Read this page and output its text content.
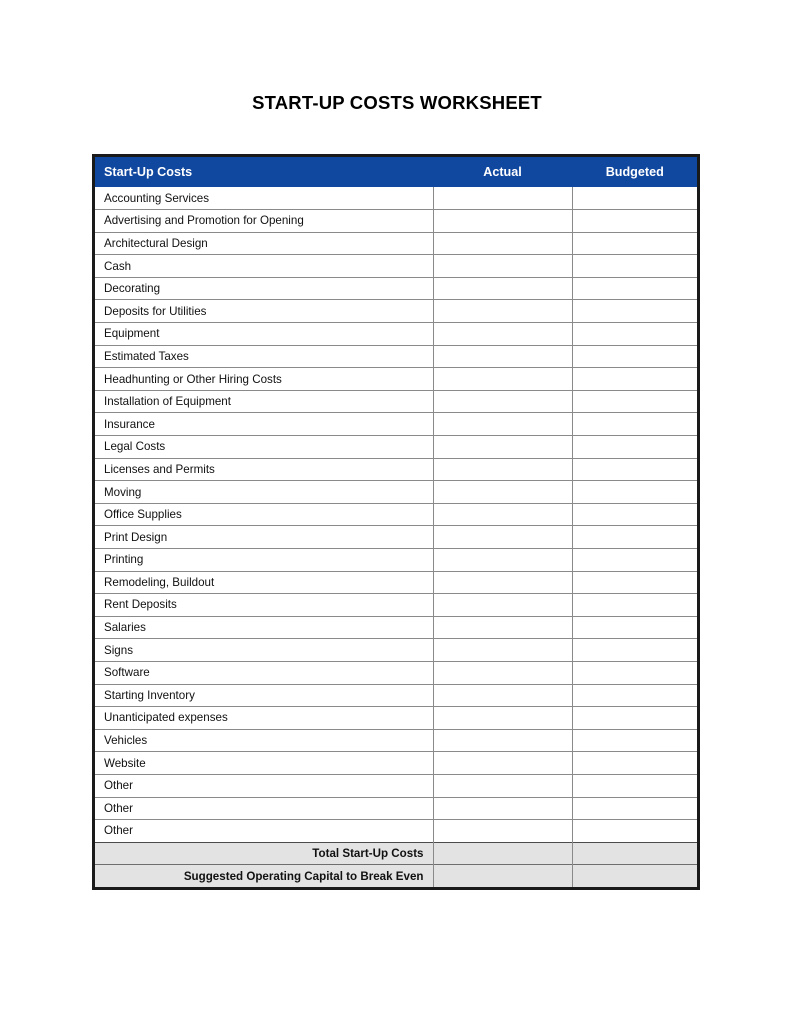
START-UP COSTS WORKSHEET
Start-Up Costs	Actual	Budgeted
Accounting Services		
Advertising and Promotion for Opening		
Architectural Design		
Cash		
Decorating		
Deposits for Utilities		
Equipment		
Estimated Taxes		
Headhunting or Other Hiring Costs		
Installation of Equipment		
Insurance		
Legal Costs		
Licenses and Permits		
Moving		
Office Supplies		
Print Design		
Printing		
Remodeling, Buildout		
Rent Deposits		
Salaries		
Signs		
Software		
Starting Inventory		
Unanticipated expenses		
Vehicles		
Website		
Other		
Other		
Other		
Total Start-Up Costs		
Suggested Operating Capital to Break Even		
